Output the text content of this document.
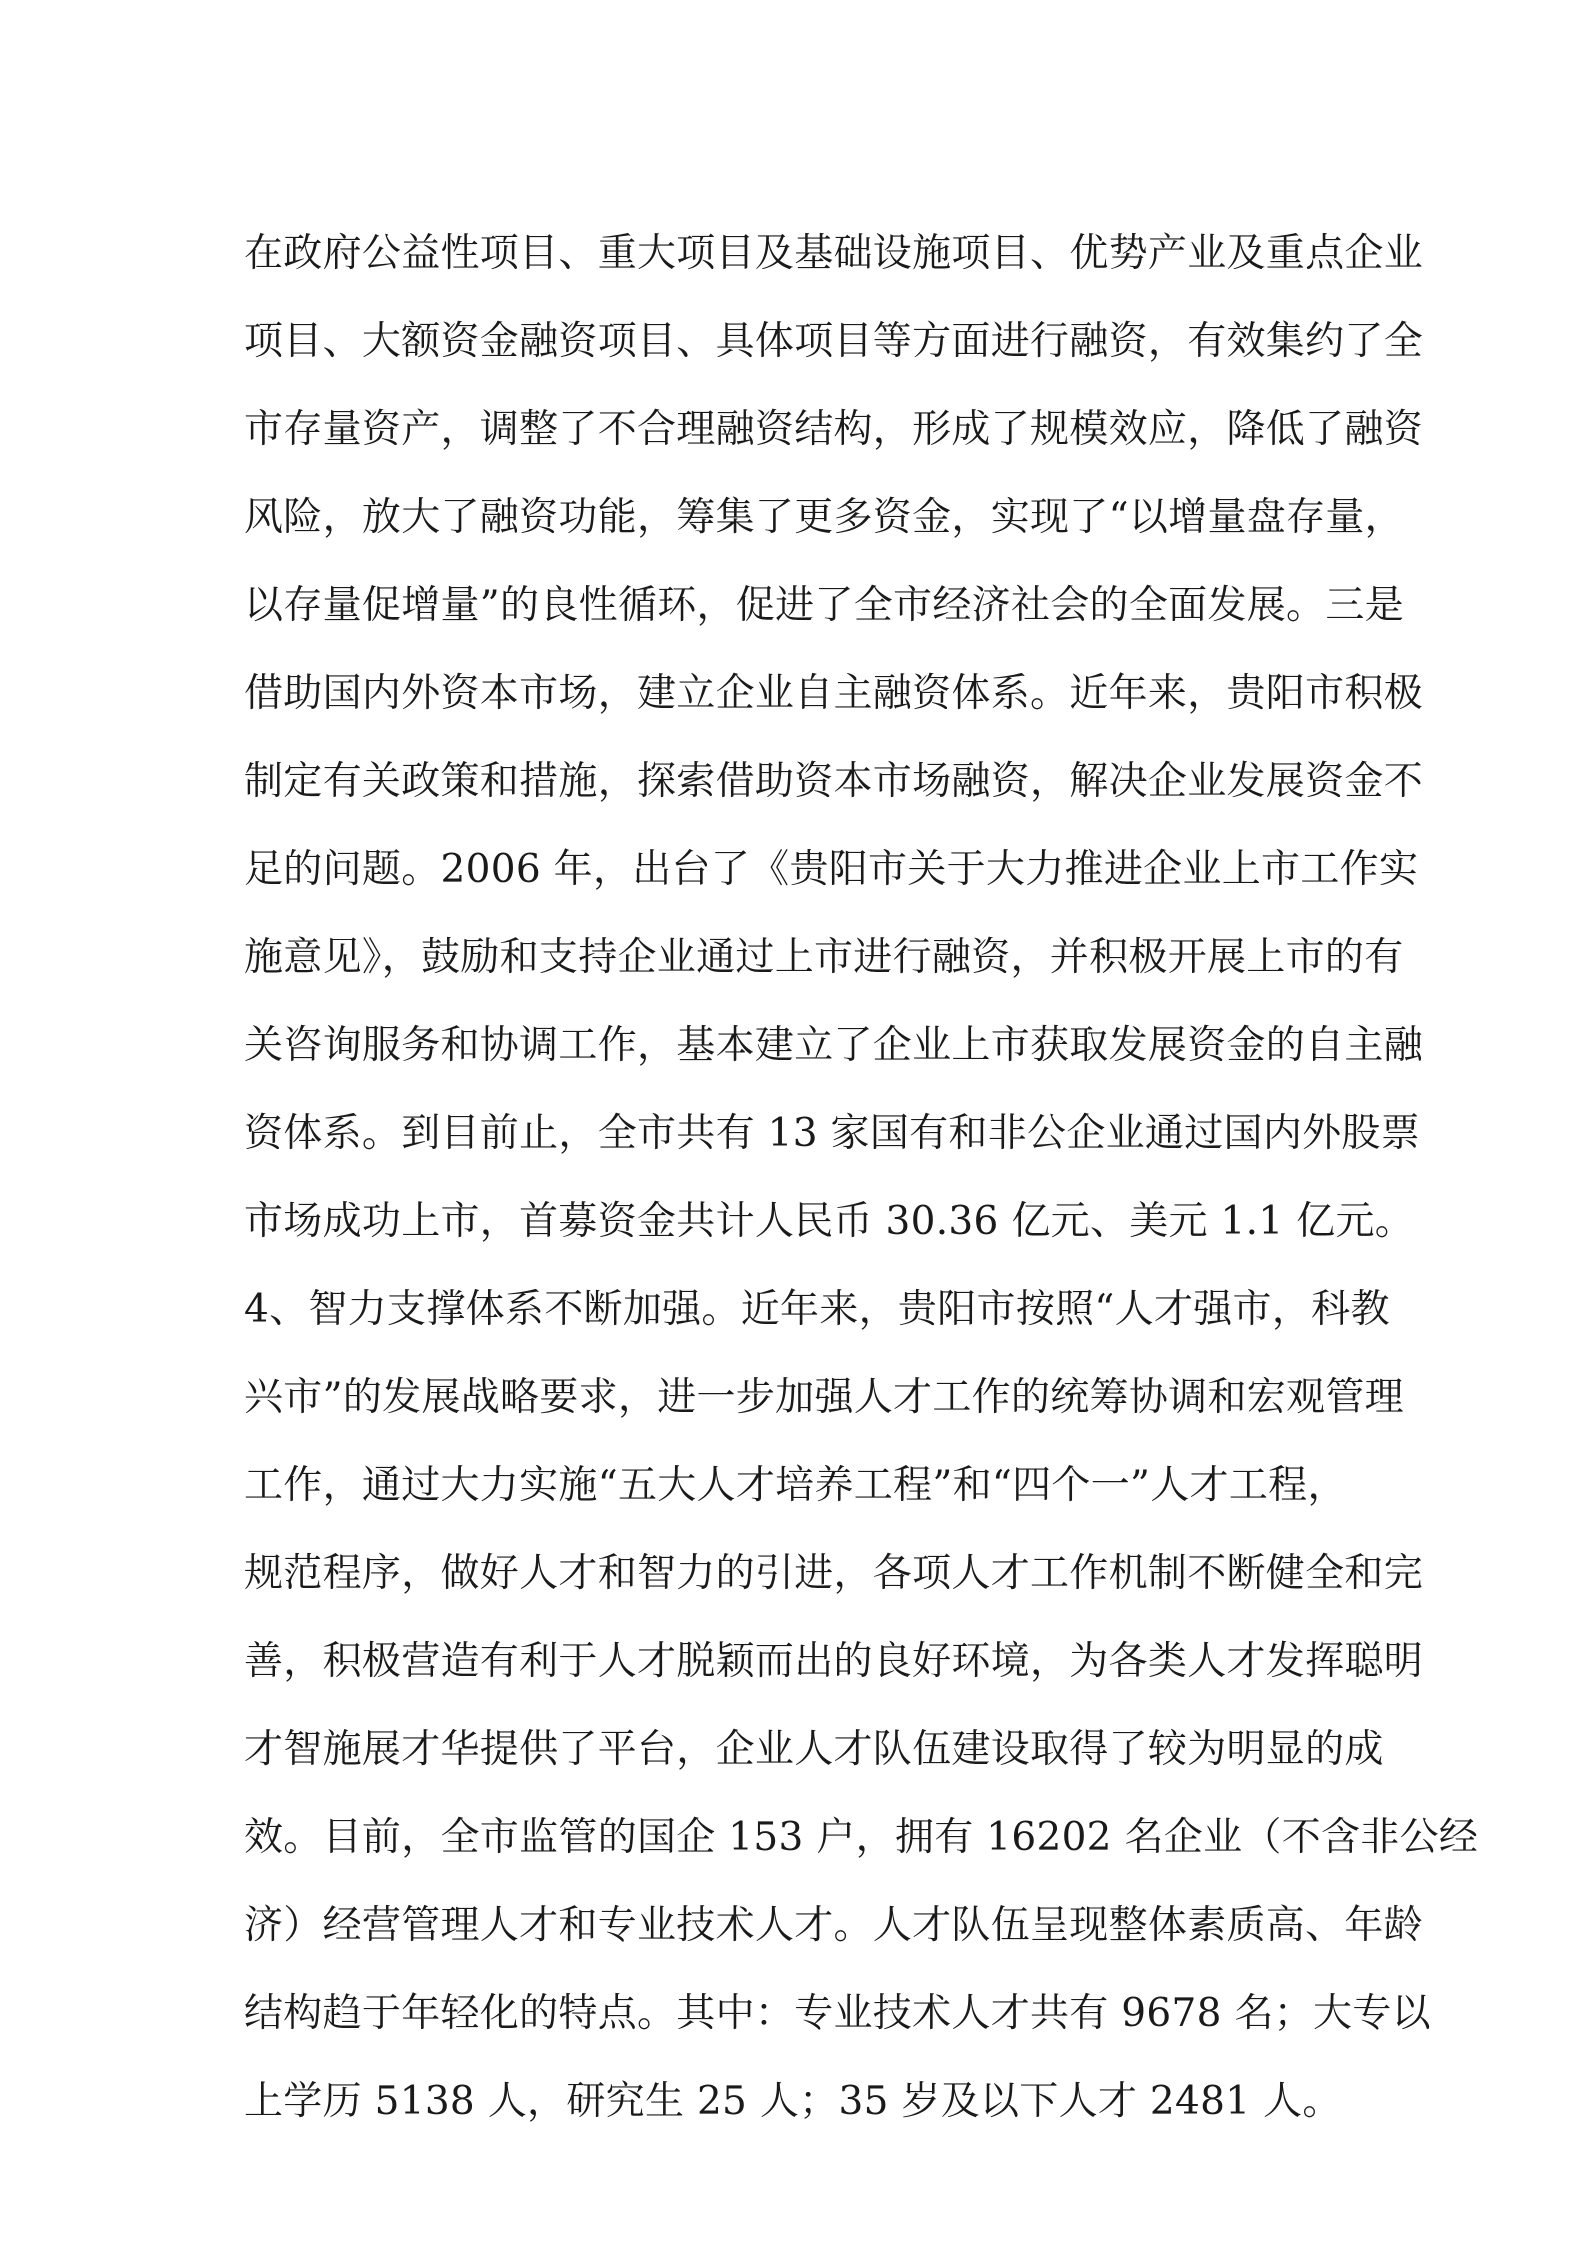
在政府公益性项目、重大项目及基础设施项目、优势产业及重点企业
项目、大额资金融资项目、具体项目等方面进行融资，有效集约了全
市存量资产，调整了不合理融资结构，形成了规模效应，降低了融资
风险，放大了融资功能，筹集了更多资金，实现了“以增量盘存量，
以存量促增量”的良性循环，促进了全市经济社会的全面发展。三是
借助国内外资本市场，建立企业自主融资体系。近年来，贵阳市积极
制定有关政策和措施，探索借助资本市场融资，解决企业发展资金不
足的问题。2006 年，出台了《贵阳市关于大力推进企业上市工作实
施意见》，鼓励和支持企业通过上市进行融资，并积极开展上市的有
关咨询服务和协调工作，基本建立了企业上市获取发展资金的自主融
资体系。到目前止，全市共有 13 家国有和非公企业通过国内外股票
市场成功上市，首募资金共计人民币 30.36 亿元、美元 1.1 亿元。
4、智力支撑体系不断加强。近年来，贵阳市按照“人才强市，科教
兴市”的发展战略要求，进一步加强人才工作的统筹协调和宏观管理
工作，通过大力实施“五大人才培养工程”和“四个一”人才工程，
规范程序，做好人才和智力的引进，各项人才工作机制不断健全和完
善，积极营造有利于人才脱颖而出的良好环境，为各类人才发挥聪明
才智施展才华提供了平台，企业人才队伍建设取得了较为明显的成
效。目前，全市监管的国企 153 户，拥有 16202 名企业（不含非公经
济）经营管理人才和专业技术人才。人才队伍呈现整体素质高、年龄
结构趋于年轻化的特点。其中：专业技术人才共有 9678 名；大专以
上学历 5138 人，研究生 25 人；35 岁及以下人才 2481 人。
